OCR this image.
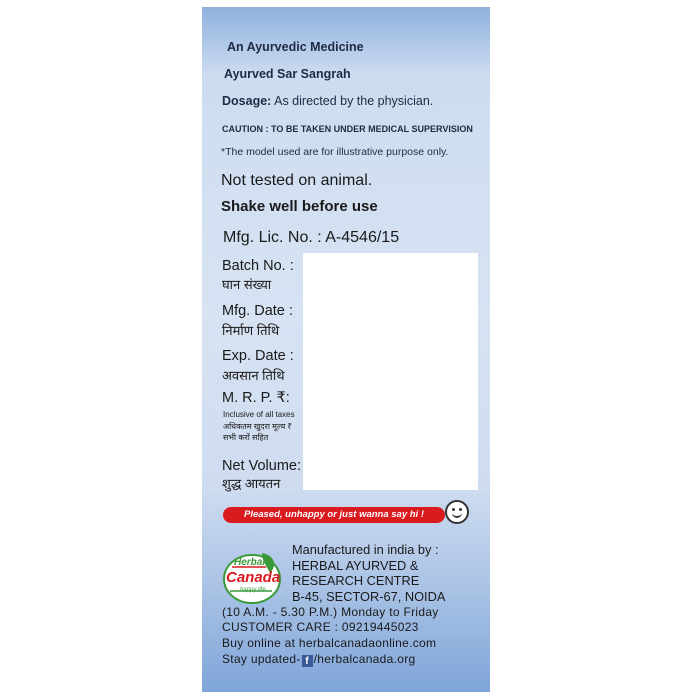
An Ayurvedic Medicine
Ayurved Sar Sangrah
Dosage: As directed by the physician.
CAUTION : TO BE TAKEN UNDER MEDICAL SUPERVISION
*The model used are for illustrative purpose only.
Not tested on animal.
Shake well before use
Mfg. Lic. No. : A-4546/15
Batch No. :
घान संख्या
Mfg. Date :
निर्माण तिथि
Exp. Date :
अवसान तिथि
M. R. P. ₹:
Inclusive of all taxes
अधिकतम खुदरा मूल्य ₹
सभी करों सहित
Net Volume:
शुद्ध आयतन
Pleased, unhappy or just wanna say hi !
Herbal
Canada
happy life
Manufactured in india by :
HERBAL AYURVED &
RESEARCH CENTRE
B-45, SECTOR-67, NOIDA
(10 A.M. - 5.30 P.M.) Monday to Friday
CUSTOMER CARE : 09219445023
Buy online at herbalcanadaonline.com
Stay updated- f /herbalcanada.org
